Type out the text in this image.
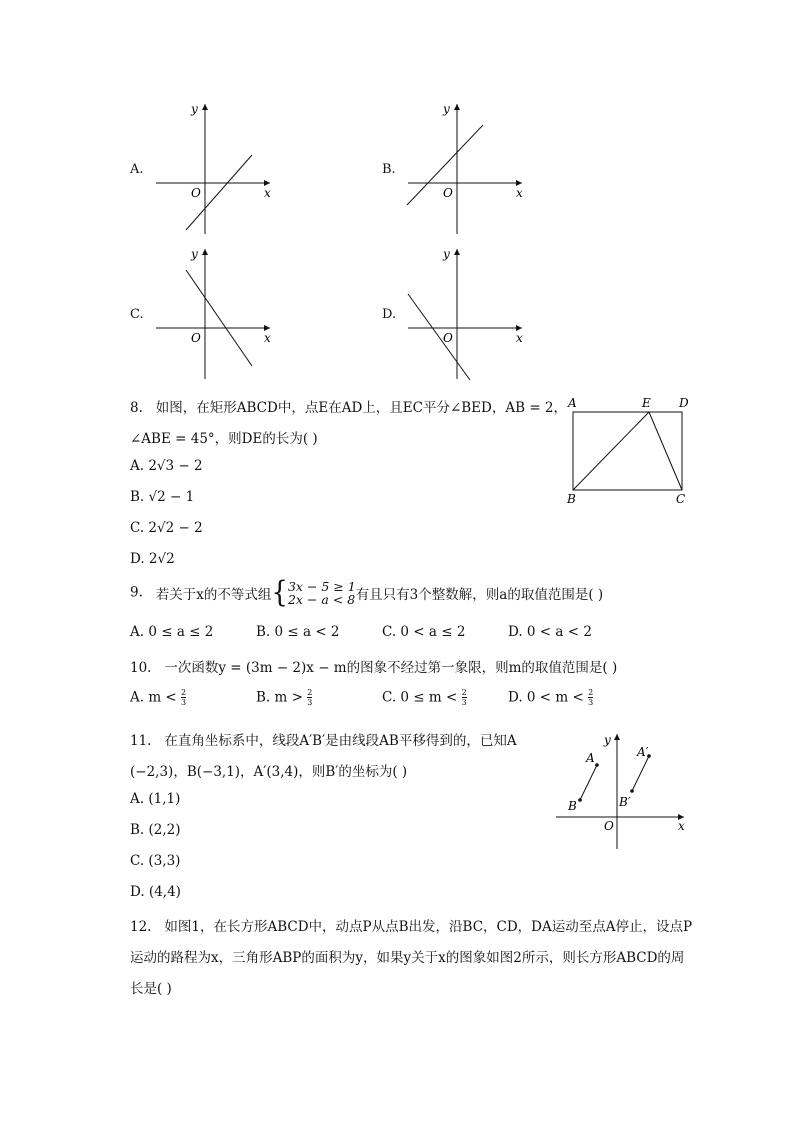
A.	B.
C.	D.
y
x
O
y
x
O
y
x
O
y
x
O
8. 如图，在矩形ABCD中，点E在AD上，且EC平分∠BED，AB = 2，
∠ABE = 45°，则DE的长为( )
A. 2√3 − 2
B. √2 − 1
C. 2√2 − 2
D. 2√2
A	E D
B	C
9. 若关于x的不等式组{ 3x − 5 ≥ 1
2x − a < 8 有且只有3个整数解，则a的取值范围是( )
A. 0 ≤ a ≤ 2	B. 0 ≤ a < 2	C. 0 < a ≤ 2	D. 0 < a < 2
10. 一次函数y = (3m − 2)x − m的图象不经过第一象限，则m的取值范围是( )
A. $m < \frac{2}{3}$	B. $m > \frac{2}{3}$	C. $0 \le m < \frac{2}{3}$	D. $0 < m < \frac{2}{3}$
11. 在直角坐标系中，线段A′B′是由线段AB平移得到的，已知A
(−2,3)，B(−3,1)，A′(3,4)，则B′的坐标为( )
A. (1,1)
B. (2,2)
C. (3,3)
D. (4,4)
A
B
A′
B′
O	x
y
12. 如图1，在长方形ABCD中，动点P从点B出发，沿BC，CD，DA运动至点A停止，设点P
运动的路程为x，三角形ABP的面积为y，如果y关于x的图象如图2所示，则长方形ABCD的周
长是( )
